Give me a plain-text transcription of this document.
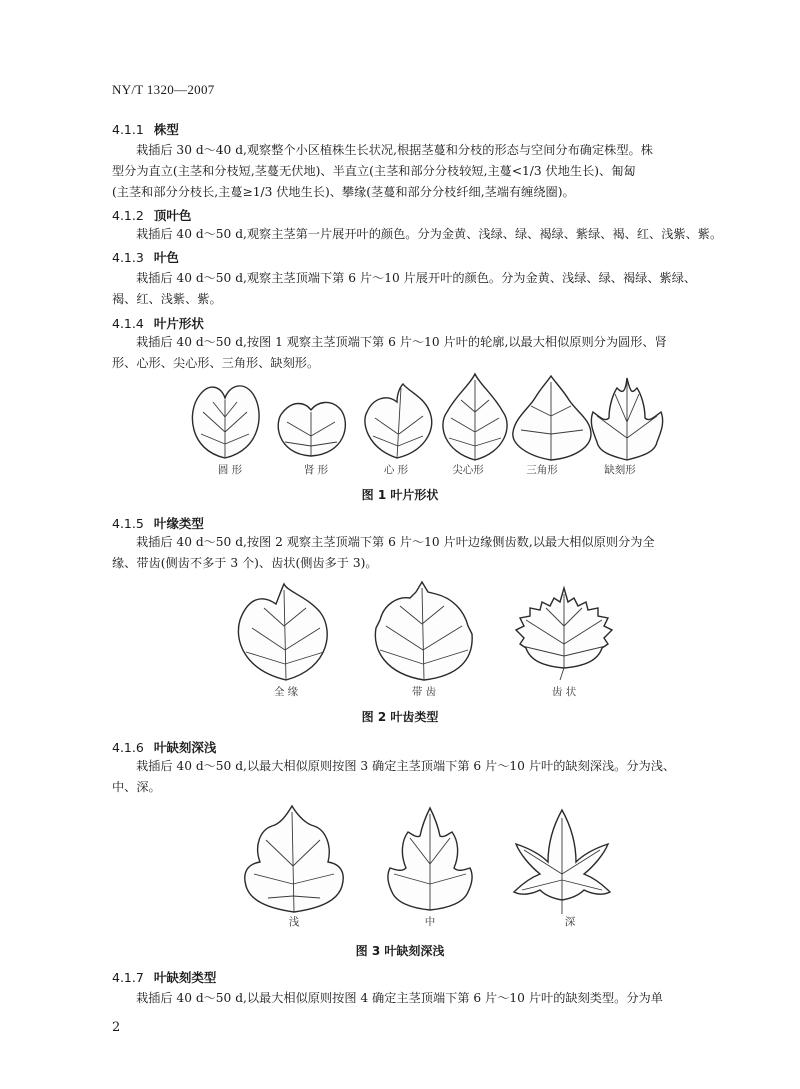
NY/T 1320—2007
4.1.1 株型
栽插后 30 d～40 d,观察整个小区植株生长状况,根据茎蔓和分枝的形态与空间分布确定株型。株
型分为直立(主茎和分枝短,茎蔓无伏地)、半直立(主茎和部分分枝较短,主蔓<1/3 伏地生长)、匍匐
(主茎和部分分枝长,主蔓≥1/3 伏地生长)、攀缘(茎蔓和部分分枝纤细,茎端有缠绕圈)。
4.1.2 顶叶色
栽插后 40 d～50 d,观察主茎第一片展开叶的颜色。分为金黄、浅绿、绿、褐绿、紫绿、褐、红、浅紫、紫。
4.1.3 叶色
栽插后 40 d～50 d,观察主茎顶端下第 6 片～10 片展开叶的颜色。分为金黄、浅绿、绿、褐绿、紫绿、
褐、红、浅紫、紫。
4.1.4 叶片形状
栽插后 40 d～50 d,按图 1 观察主茎顶端下第 6 片～10 片叶的轮廓,以最大相似原则分为圆形、肾
形、心形、尖心形、三角形、缺刻形。
圆 形	肾 形	心 形	尖心形	三角形	缺刻形
图 1 叶片形状
4.1.5 叶缘类型
栽插后 40 d～50 d,按图 2 观察主茎顶端下第 6 片～10 片叶边缘侧齿数,以最大相似原则分为全
缘、带齿(侧齿不多于 3 个)、齿状(侧齿多于 3)。
全 缘	带 齿	齿 状
图 2 叶齿类型
4.1.6 叶缺刻深浅
栽插后 40 d～50 d,以最大相似原则按图 3 确定主茎顶端下第 6 片～10 片叶的缺刻深浅。分为浅、
中、深。
浅	中	深
图 3 叶缺刻深浅
4.1.7 叶缺刻类型
栽插后 40 d～50 d,以最大相似原则按图 4 确定主茎顶端下第 6 片～10 片叶的缺刻类型。分为单
2
